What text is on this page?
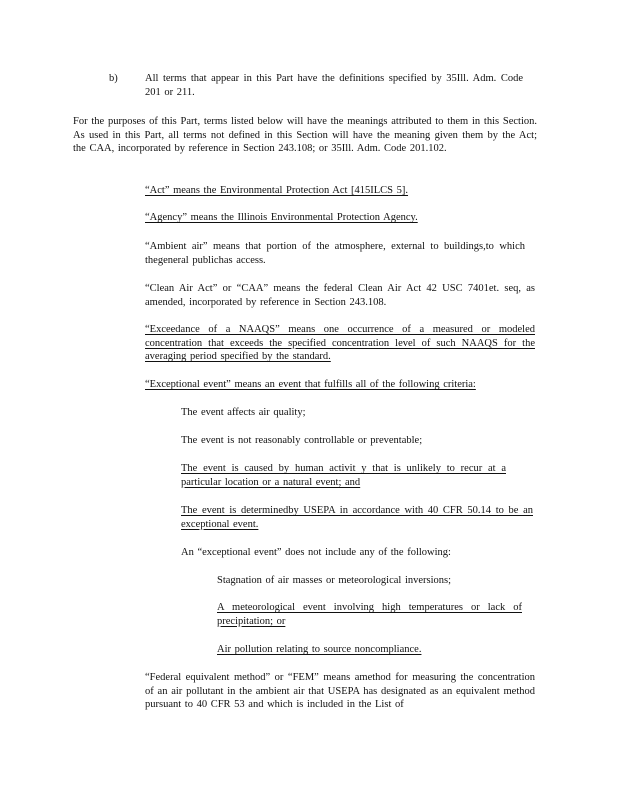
b)	All terms that appear in this Part have the definitions specified by 35Ill. Adm. Code 201 or 211.
For the purposes of this Part, terms listed below will have the meanings attributed to them in this Section. As used in this Part, all terms not defined in this Section will have the meaning given them by the Act; the CAA, incorporated by reference in Section 243.108; or 35Ill. Adm. Code 201.102.
“Act” means the Environmental Protection Act [415ILCS 5].
“Agency” means the Illinois Environmental Protection Agency.
“Ambient air” means that portion of the atmosphere, external to buildings,to which thegeneral publichas access.
“Clean Air Act” or “CAA” means the federal Clean Air Act 42 USC 7401et. seq, as amended, incorporated by reference in Section 243.108.
“Exceedance of a NAAQS” means one occurrence of a measured or modeled concentration that exceeds the specified concentration level of such NAAQS for the averaging period specified by the standard.
“Exceptional event” means an event that fulfills all of the following criteria:
The event affects air quality;
The event is not reasonably controllable or preventable;
The event is caused by human activit y that is unlikely to recur at a particular location or a natural event; and
The event is determinedby USEPA in accordance with 40 CFR 50.14 to be an exceptional event.
An “exceptional event” does not include any of the following:
Stagnation of air masses or meteorological inversions;
A meteorological event involving high temperatures or lack of precipitation; or
Air pollution relating to source noncompliance.
“Federal equivalent method” or “FEM” means amethod for measuring the concentration of an air pollutant in the ambient air that USEPA has designated as an equivalent method pursuant to 40 CFR 53 and which is included in the List of
